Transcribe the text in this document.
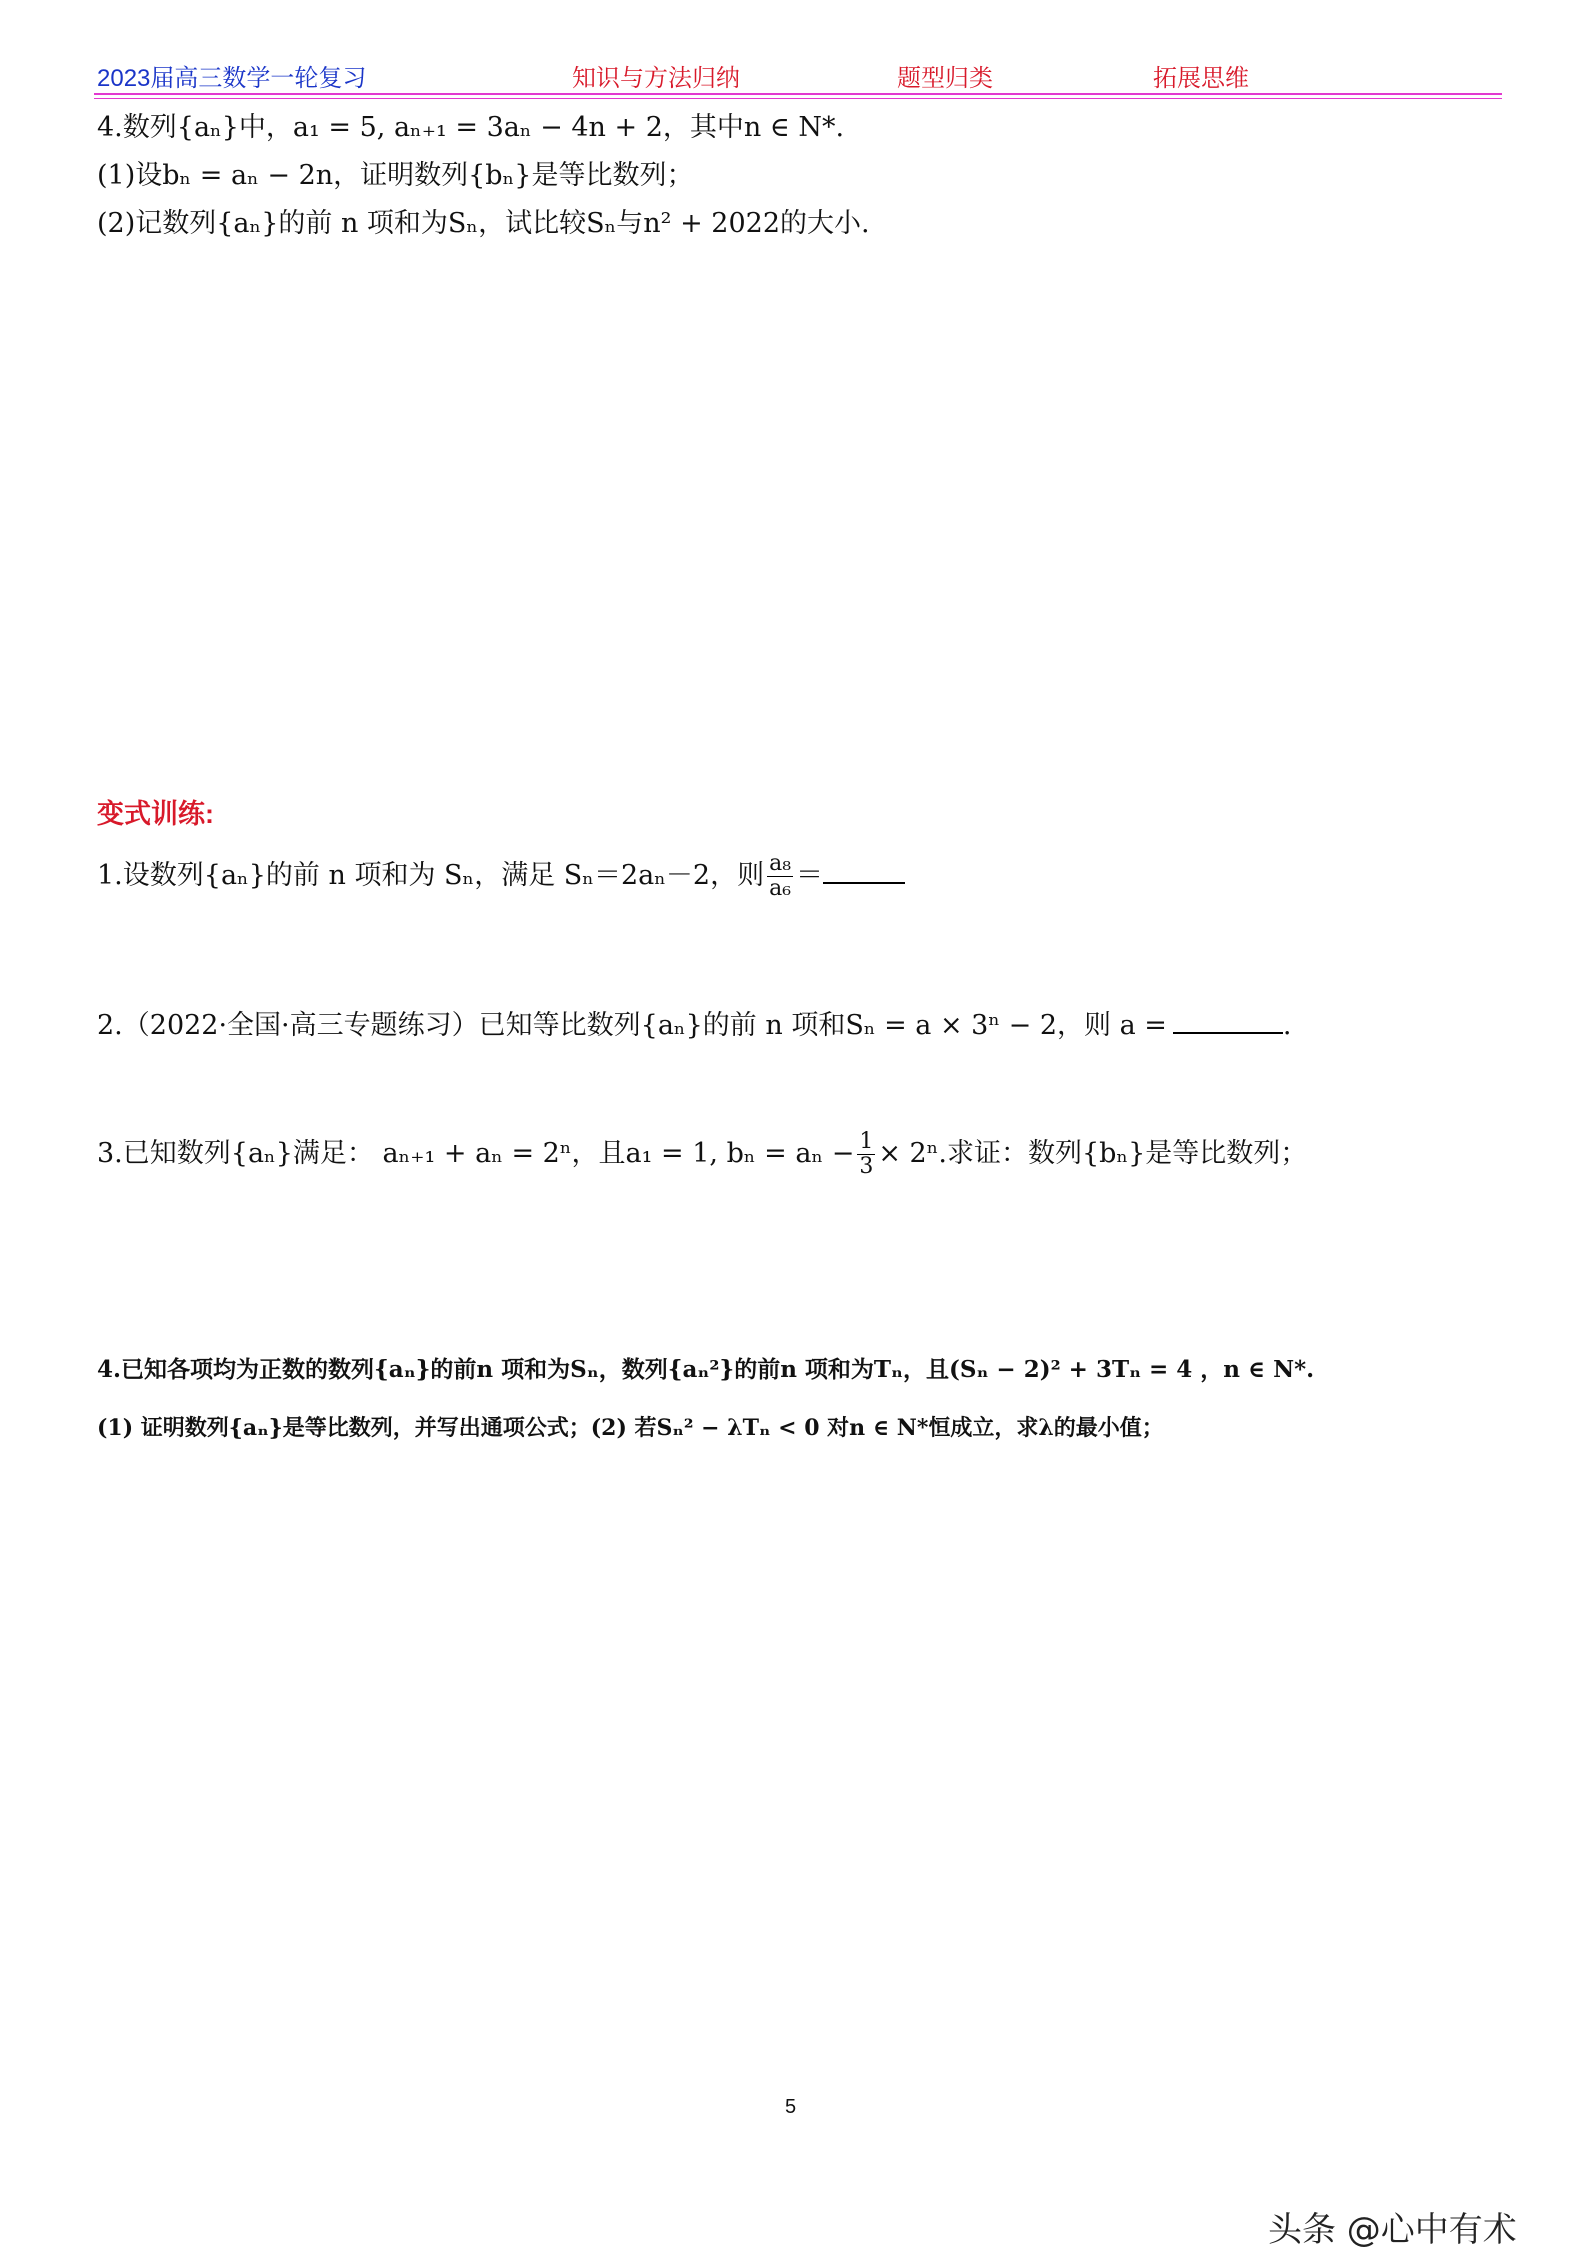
2023届高三数学一轮复习	知识与方法归纳	题型归类	拓展思维
4.数列{aₙ}中，a₁ = 5, aₙ₊₁ = 3aₙ − 4n + 2，其中n ∈ N*.
(1)设bₙ = aₙ − 2n，证明数列{bₙ}是等比数列；
(2)记数列{aₙ}的前 n 项和为Sₙ，试比较Sₙ与n² + 2022的大小.
变式训练:
1.设数列{aₙ}的前 n 项和为 Sₙ，满足 Sₙ＝2aₙ－2，则 $\frac{\text{a₈}}{\text{a₆}}$ ＝
2.（2022·全国·高三专题练习）已知等比数列{aₙ}的前 n 项和Sₙ = a × 3ⁿ − 2，则 a =	.
3.已知数列{aₙ}满足： aₙ₊₁ + aₙ = 2ⁿ，且a₁ = 1, $b_n = a_n - \frac{1}{3} \times 2^n$.求证：数列{bₙ}是等比数列；
4.已知各项均为正数的数列{aₙ}的前n 项和为Sₙ，数列{aₙ²}的前n 项和为Tₙ，且(Sₙ − 2)² + 3Tₙ = 4 ，n ∈ N*.
(1) 证明数列{aₙ}是等比数列，并写出通项公式；(2) 若Sₙ² − λTₙ < 0 对n ∈ N*恒成立，求λ的最小值；
5
头条 @心中有术
